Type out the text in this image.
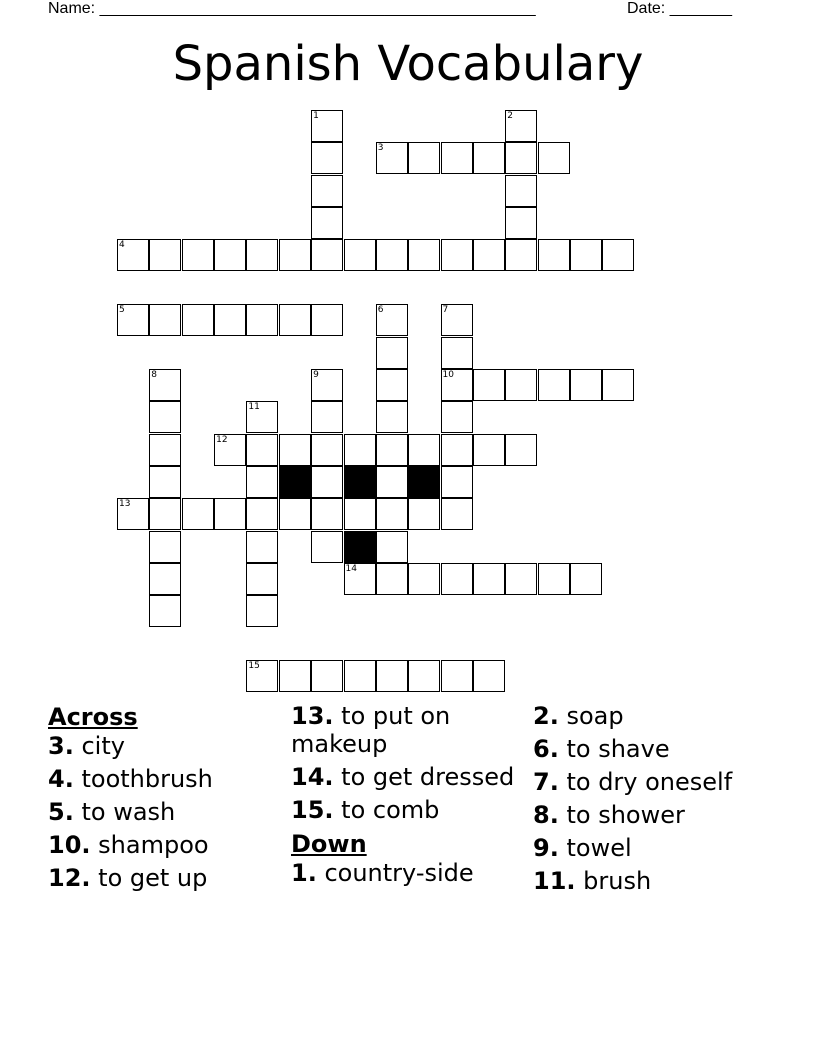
Name: _________________________________________________	Date: _______
Spanish Vocabulary
1	2
3
4
5	6	7
10
8	9
11
12
13
14
15
Across
3. city
4. toothbrush
5. to wash
10. shampoo
12. to get up
13. to put on makeup
14. to get dressed
15. to comb
Down
1. country-side
2. soap
6. to shave
7. to dry oneself
8. to shower
9. towel
11. brush
